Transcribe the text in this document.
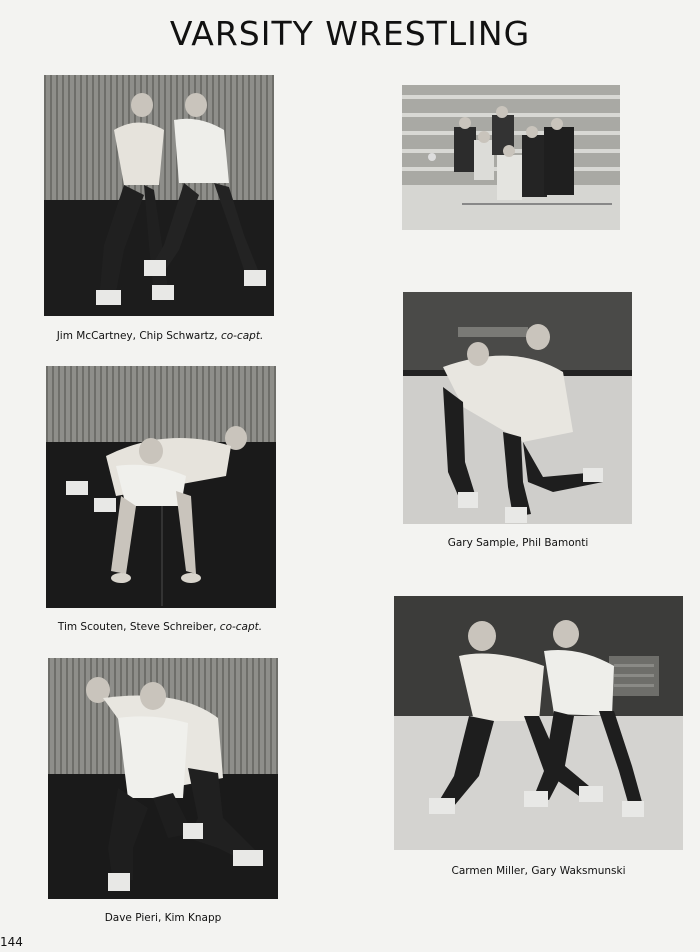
VARSITY WRESTLING
Jim McCartney, Chip Schwartz, co-capt.
Tim Scouten, Steve Schreiber, co-capt.
Gary Sample, Phil Bamonti
Dave Pieri, Kim Knapp
Carmen Miller, Gary Waksmunski
144
